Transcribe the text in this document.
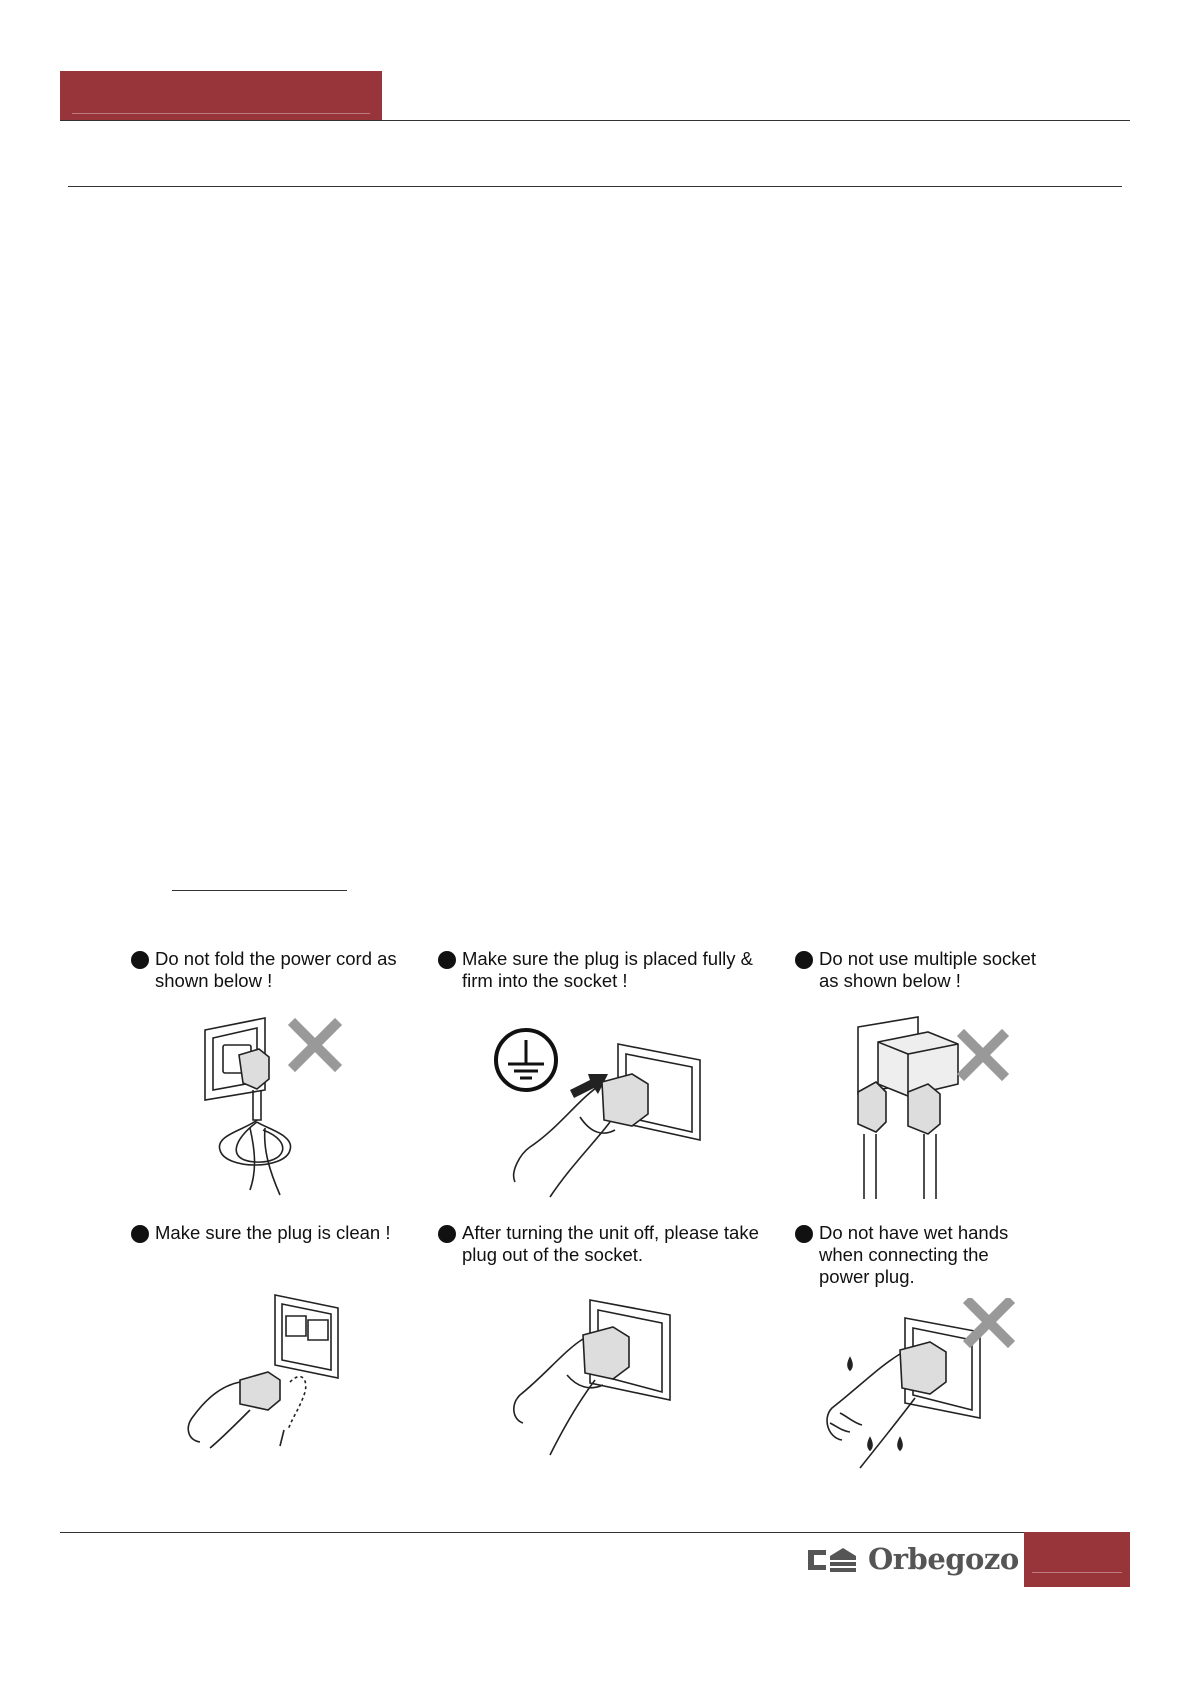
Do not fold the power cord as
shown below !
Make sure the plug is placed fully &
firm into the socket !
Do not use multiple socket
as shown below !
Make sure the plug is clean !	After turning the unit off, please take
plug out of the socket.
Do not have wet hands
when connecting the
power plug.
Orbegozo
